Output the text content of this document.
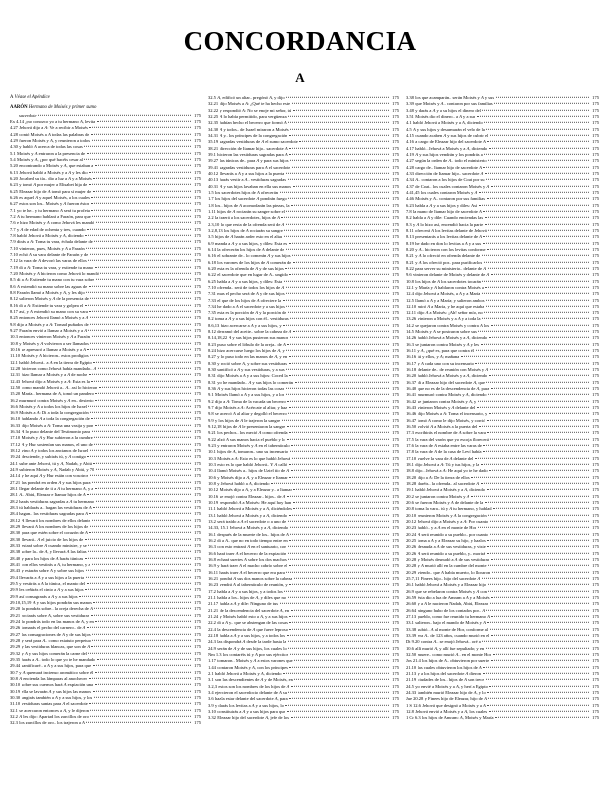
CONCORDANCIA
A
A Véase el Apéndice
AARÓN Hermano de Moisés y primer sumo
sacerdote	175
Ex 4.14 ¿no conozco yo a tu hermano A, levita	175
4.27 Jehová dijo a A: Ve a recibir a Moisés	175
4.28 contó Moisés a A todas las palabras de	175
4.29 fueron Moisés y A, y reunieron a todos	175
4.30 y habló A acerca de todas las cosas	175
5.1 Moisés y A entraron a la presencia de	175
5.4 Moisés y A, ¿por qué hacéis cesar al	175
5.20 encontrando a Moisés y A, que estaban a	175
6.13 Jehová habló a Moisés y a A y les dio	175
6.20 Jocabed su tía.. dio a luz a A y a Moisés	175
6.23 y tomó A por mujer a Elisabet hija de	175
6.25 Eleazar hijo de A tomó para sí mujer de	175
6.26 es aquel A y aquel Moisés, a los cuales	175
6.27 estos son los.. Moisés y A fueron éstos	175
7.1 yo te he.. y tu hermano A será tu profeta	175
7.2 A tu hermano hablará a Faraón, para que	175
7.6 e hizo Moisés y A como Jehová les mandó	175
7.7 y A de edad de ochenta y tres, cuando	175
7.8 habló Jehová a Moisés y A, diciendo	175
7.9 dirás a A: Toma tu vara, échala delante de	175
7.10 vinieron, pues, Moisés y A a Faraón	175
7.10 echó A su vara delante de Faraón y de	175
7.12 la vara de A devoró las varas de ellos	175
7.19 di a A: Toma tu vara, y extiende tu mano	175
7.20 Moisés y A hicieron como Jehová lo mandó	175
8.5 di a A: Extiende tu mano con tu vara sobre	175
8.6 A extendió su mano sobre las aguas de	175
8.8 Faraón llamó a Moisés y A, y les dijo	175
8.12 salieron Moisés y A de la presencia de	175
8.16 di a A: Extiende tu vara y golpea el	175
8.17 así, y A extendió su mano con su vara	175
8.25 entonces Jehová llamó a Moisés y a A	175
9.8 dijo a Moisés y a A: Tomad puñados de	175
9.27 Faraón envió a llamar a Moisés y a A	175
10.3 entonces vinieron Moisés y A a Faraón	175
10.8 y Moisés y A volvieron a ser llamados	175
10.16 se apresuró a llamar a Moisés y a A	175
11.10 Moisés y A hicieron.. estos prodigios	175
12.1 habló Jehová.. a A en la tierra de Egipto	175
12.28 hicieron como Jehová había mandado.. A	175
12.31 hizo llamar a Moisés y a A de noche	175
12.43 Jehová dijo a Moisés y a A: Esta es la	175
12.50 como mandó Jehová a.. A.. así lo hicieron	175
15.20 María.. hermana de A, tomó un pandero	175
16.2 murmuró contra Moisés y A en.. desierto	175
16.6 Moisés y A a todos los hijos de Israel	175
16.9 Moisés a A: Di a toda la congregación	175
16.10 hablando A a toda la congregación de	175
16.33 dijo Moisés a A: Toma una vasija y pon	175
16.34 A lo puso delante del Testimonio para	175
17.10 Moisés y A y Hur subieron a la cumbre	175
17.12 A y Hur sostenían sus manos, el uno de	175
18.12 vino A y todos los ancianos de Israel	175
19.24 desciende, y subirás tú, y A contigo	175
24.1 sube ante Jehová, tú y A, Nadab, y Abiú	175
24.9 subieron Moisés y A, Nadab y Abiú, y 70	175
24.14 y he aquí A y Hur están con vosotros	175
27.21 las pondrá en orden A y sus hijos para	175
28.1 llegar delante de ti a A tu hermano A, y a	175
28.1 A.. Abiú, Eleazar e Itamar hijos de A	175
28.2 harás vestiduras sagradas a A tu hermano	175
28.3 tú hablarás a.. hagan las vestiduras de A	175
28.4 hagan.. las vestiduras sagradas para A	175
28.12 A llevará los nombres de ellos delante	175
28.29 llevará A los nombres de los hijos de	175
28.30 para que estén sobre el corazón de A	175
28.30 llevará.. A el juicio de los hijos de	175
28.33 estará sobre A cuando ministre, y se	175
28.38 sobre la.. de A, y llevará A las faltas	175
28.40 y para los hijos de A harás túnicas	175
28.41 con ellos vestirás a A, tu hermano, y a	175
28.43 y estarán sobre A y sobre sus hijos	175
29.4 llevarás a A y a sus hijos a la puerta	175
29.5 y vestirás a A la túnica, el manto del	175
29.9 les ceñirás el cinto a A y a sus hijos	175
29.9 así consagrarás a A y a sus hijos	175
29.10,15,19 A y sus hijos pondrán sus manos	175
29.20 la pondrás sobre.. la oreja derecha de A	175
29.21 rociarás sobre A, sobre sus vestiduras	175
29.24 lo pondrás todo en las manos de A, y en	175
29.26 tomarás el pecho del carnero.. de A	175
29.27 las consagraciones de A y de sus hijos	175
29.28 y será para A.. como estatuto perpetuo	175
29.29 y las vestiduras blancas, que son de A	175
29.32 y A y sus hijos comerán la carne del	175
29.35 harás a A.. todo lo que yo te he mandado	175
29.44 santificaré.. a A y a sus hijos, para que	175
30.7 y A quemará incienso aromático sobre él	175
30.8 A encienda las lámparas al anochecer	175
30.10 sobre sus cuernos hará A expiación una	175
30.19 ella se lavarán A y sus hijos las manos	175
30.30 ungirás también a A y a sus hijos, y los	175
31.10 vestiduras santas para A el sacerdote	175
32.1 se acercaron entonces a A, y le dijeron	175
32.2 A les dijo: Apartad los zarcillos de oro	175
32.3 los zarcillos de oro.. los trajeron a A	175
32.5 A, edificó un altar.. pregónó A, y dijo	175
32.21 dijo Moisés a A: ¿Qué te ha hecho este	175
32.22 y respondió A: No se enoje mi señor, tú	175
32.25 A lo había permitido, para vergüenza	175
32.35 habían hecho el becerro que formó A	175
34.30 A y todos.. de Israel miraron a Moisés	175
34.31 A y.. los príncipes de la congregación	175
35.19 sagradas vestiduras de A el sumo sacerdote	175
38.21 dirección de Itamar hijo.. sacerdote A	175
39.1 hicieron las vestiduras sagradas para A	175
39.27 las túnicas de.. para A y para sus hijos	175
39.41 sagradas vestiduras para A el sacerdote	175
40.12 llevarás a A y a sus hijos a la puerta	175
40.13 harás vestir a A.. vestiduras sagradas	175
40.31 A y sus hijos lavaban en ella sus manos	175
1.5 los sacerdotes hijos de A ofrecerán	175
1.7 los hijos del sacerdote A pondrán fuego	175
1.8 los.. hijos de A acomodarán las piezas, la	175
1.11 hijos de A rociarán su sangre sobre el	175
2.2 la traerá a los sacerdotes, hijos de A	175
2.3,10 lo que resta de la ofrenda será de A	175
3.2,8,13 los hijos de A rociarán su sangre	175
3.5 hijos de A harán arder esto en el altar	175
6.9 manda a A y a sus hijos, y diles: Esta es	175
6.14 la ofrecerán los hijos de A delante de	175
6.16 el sobrante de.. lo comerán A y sus hijos	175
6.18 los varones de los hijos de A comerán de	175
6.20 esta es la ofrenda de A y de sus hijos	175
6.22 el sacerdote que en lugar de A.. ungido	175
6.25 habla a A y a sus hijos, y diles: Esta	175
7.10 ofrenda.. será de todos los hijos de A	175
7.31 mas el pecho será de A y de sus hijos	175
7.33 el que de los hijos de A ofreciere la	175
7.34 he dado a A el sacerdote y a sus hijos	175
7.35 esta es la porción de A y la porción de	175
8.2 toma a A y a sus hijos con él.. vestiduras	175
8.6,13 hizo acercarse a A y a sus hijos, y	175
8.12 derramó del aceite.. sobre la cabeza de A	175
8.14,18,22 A y sus hijos pusieron sus manos	175
8.23 puso sobre el lóbulo de la oreja.. de A	175
8.24 hizo acercarse luego los hijos de A, y	175
8.27 y lo puso todo en las manos de A, y en	175
8.30 y roció sobre A, y sobre sus vestiduras	175
8.30 santificó a A y sus vestiduras, y a sus	175
8.31 dijo Moisés a A y a sus hijos: Coced la	175
8.31 yo he mandado.. A y sus hijos lo comerán	175
8.36 A y sus hijos hicieron todas las cosas	175
9.1 Moisés llamó a A y a sus hijos, y a los	175
9.2 dijo a A: Toma de la vacada un becerro	175
9.7 dijo Moisés a A: Acércate al altar, y haz	175
9.8 se acercó A al altar y degolló el becerro	175
9.9 y los hijos de A le trajeron la sangre	175
9.12,18 hijos de A le presentaron la sangre	175
9.21 los pechos.. los meció A como ofrenda	175
9.22 alzó A sus manos hacia el pueblo y lo	175
9.23 y entraron Moisés y A en el tabernáculo	175
10.1 hijos de A, tomaron.. uno su incensario	175
10.3 Moisés a A: Esto es lo que habló Jehová	175
10.3 esto es lo que habló Jehová.. Y A calló	175
10.4 llamó Moisés a.. hijos de Uziel tío de A	175
10.6 y Moisés dijo a A, y a Eleazar e Itamar	175
10.8 y Jehová habló a A, diciendo	175
10.12 Moisés dijo a A, y a Eleazar y.. a Itamar	175
10.16 se enojó contra Eleazar.. hijos.. de A	175
10.19 respondió A a Moisés: He aquí hoy han	175
11.1 habló Jehová a Moisés y a A, diciéndoles	175
13.1 habló Jehová a Moisés y a A, diciendo	175
13.2 será traído a A el sacerdote o a uno de	175
14.33, 15.1 Jehová a Moisés y a A, diciendo	175
16.1 después de la muerte de los.. hijos de A	175
16.2 di a A.. que no en todo tiempo entre en	175
16.3 con esto entrará A en el santuario, con	175
16.6 hará traer A el becerro de la expiación	175
16.8 echará suertes A sobre los dos machos	175
16.9 y hará traer A el macho cabrío sobre el	175
16.11 harás traer A el becerro que era para	175
16.21 pondrá A sus dos manos sobre la cabeza	175
16.23 vendrá A al tabernáculo de reunión, y	175
17.2 habla a A y a sus hijos, y a todos los	175
21.1 habla a los.. hijos de A, y diles que no	175
21.17 habla a A y dile: Ninguno de tus	175
21.21 de la descendencia del sacerdote A, en	175
21.24 y Moisés habló esto a A, y a sus hijos	175
22.2 di a A y.. que se abstengan de las cosas	175
22.4 la descendencia de A que fuere leproso	175
22.18 habla a A y a sus hijos, y a todos los	175
24.3 las dispondrá A desde la tarde hasta la	175
24.9 serán de A y de sus hijos, los cuales lo	175
Nm 1.3 los contaréis tú y A por sus ejércitos	175
1.17 tomaron.. Moisés y A a estos varones que	175
1.44 contaron Moisés y A, con los príncipes	175
2.1 habló Jehová a Moisés y A, diciendo	175
3.1 son las descendientes de A y de Moisés, en	175
3.2,3 estos son los nombres de los hijos de A	175
3.4 ejercieron el sacerdocio delante de A su	175
3.6 hazla estar delante del sacerdote A, para	175
3.9 y darás los levitas a A y a sus hijos, lo	175
3.10 constituirás a A y a sus hijos para que	175
3.32 Eleazar hijo del sacerdote A, jefe de los	175
3.38 los que acamparán.. serán Moisés y A y sus	175
3.39 que Moisés y A.. contaron por sus familias	175
3.48 y darás a A y a su hijos el dinero del	175
3.51 Moisés dio el dinero.. a A y a sus	175
4.1 habló Jehová a Moisés y a A, diciendo	175
4.5 A y sus hijos y desarmarán el velo de la	175
4.15 cuando acaben A y sus hijos de cubrir el	175
4.16 a cargo de Eleazar hijo del sacerdote A	175
4.17 habló.. Jehová a Moisés y a A, diciendo	175
4.19 A y sus hijos vendrán y los pondrás a	175
4.27 según la orden de A.. todo el ministerio	175
4.28 cargo de.. Itamar hijo de sacerdote A	175
4.33 dirección de Itamar hijo.. sacerdote A	175
4.34 A.. contaron a los hijos de Coat por su	175
4.37 de Coat.. los cuales contaron Moisés y A	175
4.41,45 los cuales contaron Moisés y A	175
4.46 Moisés y A.. contaron por sus familias	175
6.23 habla a A y a sus hijos y diles: Así	175
7.8 la mano de Itamar hijo de sacerdote A	175
8.2 habla a A y dile: Cuando enciendas las	175
8.3 y A lo hizo así, encendió hacia la parte	175
8.11 ofrecerá A los levitas delante de Jehová	175
8.13 presentarás a los levitas delante de A	175
8.19 he dado en don lo levitas a A y a sus	175
8.20 y A.. hicieron con los levitas conforme	175
8.21 y A lo ofreció en ofrenda delante de	175
8.21 y A los ofreció por.. para purificarlos	175
8.22 para server su ministerio.. delante de A	175
9.6 vinieron delante de Moisés y delante de A	175
10.8 los hijos de A los sacerdotes tocarán	175
12.1 y María y A hablaron contra Moisés a	175
12.4 dijo Jehová a Moisés, a A y a María	175
12.5 llamó a A y a María; y salieron ambos	175
12.10 miró A a María, y he aquí que estaba	175
12.11 dijo A a Moisés: ¡Ah! señor mío, no	175
13.26 vinieron a Moisés y a A y a toda la	175
14.2 se quejaron contra Moisés y contra A los	175
14.5 Moisés y A se postraron sobre sus	175
14.26 habló Jehová a Moisés y a A, diciendo	175
16.3 se juntaron contra Moisés y A y les	175
16.11 y A, ¿qué es, para que contra él	175
16.16 tú y ellos, y A; mañana	175
16.17 y A cada uno con su incensario	175
16.18 delante de.. de reunión con Moisés y A	175
16.20 habló Jehová a Moisés y a A, diciendo	175
16.37 di a Eleazar hijo del sacerdote A, que	175
16.40 que no es de la descendencia de A, para	175
16.41 murmuró contra Moisés y A, diciendo	175
16.42 se juntaron contra Moisés y A, y	175
16.43 vinieron Moisés y A delante del	175
16.46 dijo Moisés a A: Toma el incensario, y	175
16.47 tomó A como le dijo Moisés, y corrió	175
16.50 volvió A a Moisés a la puerta del	175
17.3 escribirás el nombre de A sobre la vara	175
17.5 la vara del varón que yo escoja florecerá	175
17.6 la vara de A estaba entre las varas de	175
17.8 la vara de A de la casa de Leví había	175
17.10 vuelve la vara de A delante del	175
18.1 dijo Jehová a A: Tú y tus hijos, y la	175
18.8 dijo.. Jehová a A: He aquí yo te he dado	175
18.20 dijo a A: De la tierra de ellos	175
18.28 daréis.. la ofrenda.. al sacerdote A	175
19.1 habló Jehová a Moisés y a A, diciendo	175
20.2 se juntaron contra Moisés y A	175
20.6 se fueron Moisés y A de delante de la	175
20.8 toma la vara.. tú y A tu hermano, y hablad	175
20.10 reunieron Moisés y A la congregación	175
20.12 Jehová dijo a Moisés y a A: Por cuanto	175
20.23 habló.. y a A en el monte de Hor	175
20.24 A será reunido a su pueblo.. por cuanto	175
20.25 toma a A y a Eleazar su hijo, y hazlos	175
20.26 desnuda a A de sus vestiduras, y viste	175
20.26 A será reunido a su pueblo, y.. morirá	175
20.28 y Moisés desnudó a A de sus vestiduras	175
20.28 y A murió allí en la cumbre del monte	175
20.29 viendo.. que A había muerto, lo lloraron	175
25.7,11 Finees hijo.. hijo del sacerdote A	175
26.1 habló Jehová a Moisés y a Eleazar hijo	175
26.9 que se rebelaron contra Moisés y A con	175
26.59 ésta dio a luz de Amram a A y a Moisés	175
26.60 y a A le nacieron Nadab, Abiú, Eleazar	175
26.64 ninguno hubo de los contados por.. A	175
27.13 pueblo, como fue reunido tu hermano A	175
33.1 salieron.. bajo el mando de Moisés y A	175
33.38 subió.. A al monte de Hor, conforme al	175
33.39 era A.. de 123 años, cuando murió en el	175
Dt 9.20 contra A.. se enojó Jehová.. oré a	175
10.6 allí murió A, y allí fue sepultado; y en	175
32.50 muere.. como murió A.. en el monte Hor	175
Jos 21.4 los hijos de A.. obtuvieron por suerte	175
21.10 las cuales obtuvieron los hijos de A	175
21.13 y a los hijos del sacerdote A dieron	175
21.19 ciudades de los.. hijos de A son trece	175
24.5 yo envié a Moisés y a A, y herí a Egipto	175
24.33 también murió Eleazar hijo de A, y lo	175
Jue 20.28 y Finees hijo de Eleazar, hijo de A	175
1 S 12.6 Jehová que designó a Moisés y a A	175
12.8 Jehová envió a Moisés y a A, los cuales	175
1 Cr 6.3 los hijos de Amram: A, Moisés y María	175
